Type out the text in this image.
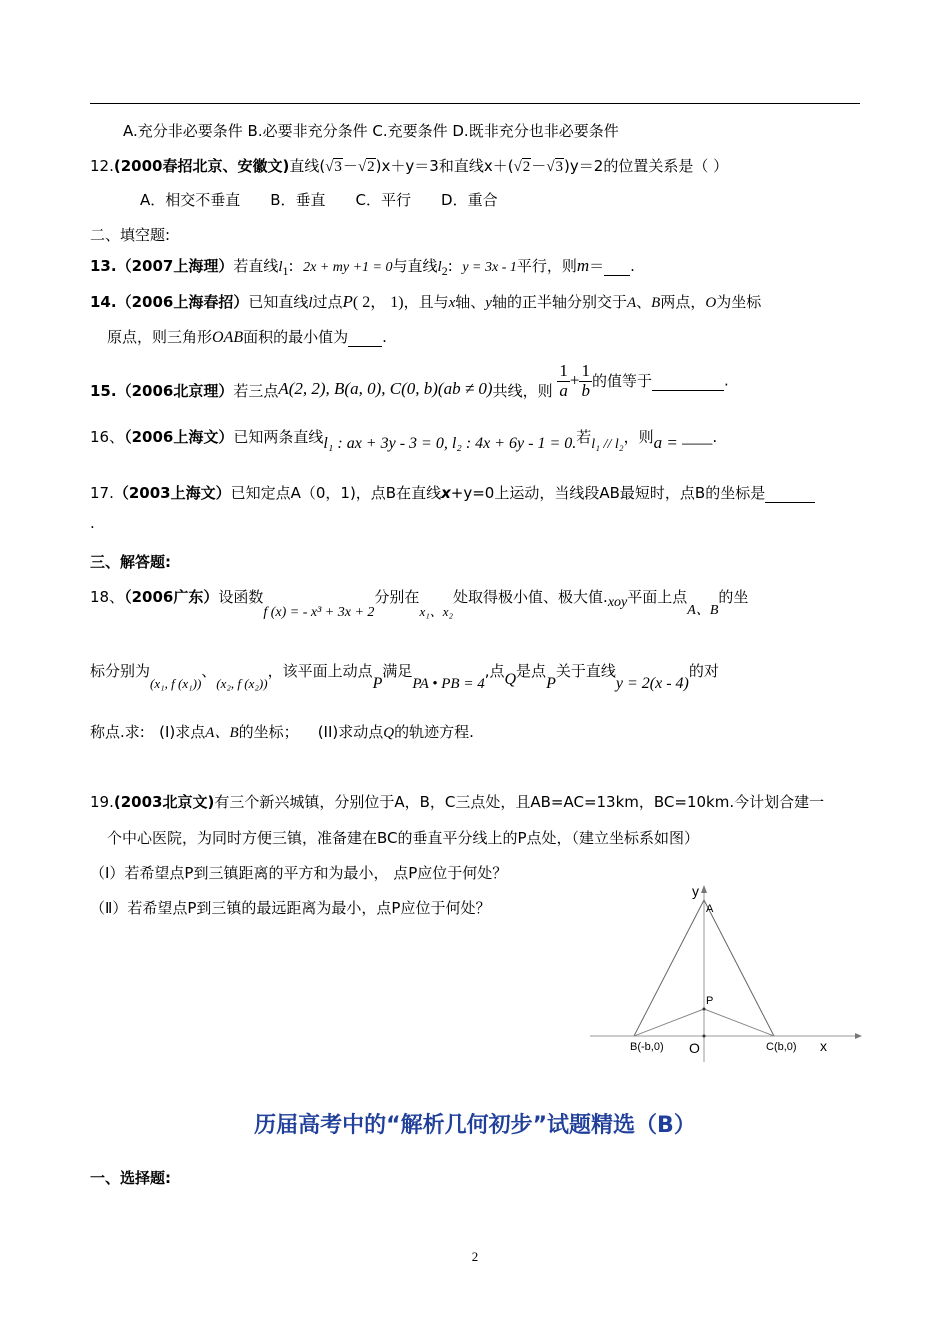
A.充分非必要条件 B.必要非充分条件 C.充要条件 D.既非充分也非必要条件
12.(2000春招北京、安徽文)直线(√3－√2)x＋y＝3和直线x＋(√2－√3)y＝2的位置关系是（ ）
A．相交不垂直　　B．垂直　　C．平行　　D．重合
二、填空题:
13.（2007上海理）若直线$l_1$: 2x + my +1 = 0与直线$l_2$: y = 3x - 1平行，则m＝ .
14.（2006上海春招）已知直线l过点P( 2， 1)，且与x轴、y轴的正半轴分别交于A、B两点，O为坐标
原点，则三角形OAB面积的最小值为 .
15.（2006北京理）若三点A(2, 2), B(a, 0), C(0, b)(ab ≠ 0)共线，则 $\frac{1}{a} + \frac{1}{b}$ 的值等于	.
16、（2006上海文）已知两条直线l₁ : ax + 3y - 3 = 0, l₂ : 4x + 6y - 1 = 0.若l₁ // l₂，则a = ——.
17.（2003上海文）已知定点A（0，1)，点B在直线x+y=0上运动，当线段AB最短时，点B的坐标是
.
三、解答题:
18、（2006广东）设函数f (x) = - x³ + 3x + 2分别在x₁、x₂处取得极小值、极大值.xoy平面上点A、B的坐
标分别为(x₁, f (x₁))、(x₂, f (x₂))，该平面上动点P满足PA • PB = 4,点Q是点P关于直线y = 2(x - 4)的对
称点.求: (I)求点A、B的坐标； (II)求动点Q的轨迹方程.
19.(2003北京文)有三个新兴城镇，分别位于A，B，C三点处，且AB=AC=13km，BC=10km.今计划合建一
个中心医院，为同时方便三镇，准备建在BC的垂直平分线上的P点处，（建立坐标系如图）
（Ⅰ）若希望点P到三镇距离的平方和为最小， 点P应位于何处？
（Ⅱ）若希望点P到三镇的最远距离为最小，点P应位于何处？
y
A
P
B(-b,0) O	C(b,0) x
历届高考中的“解析几何初步”试题精选（B）
一、选择题:
2
